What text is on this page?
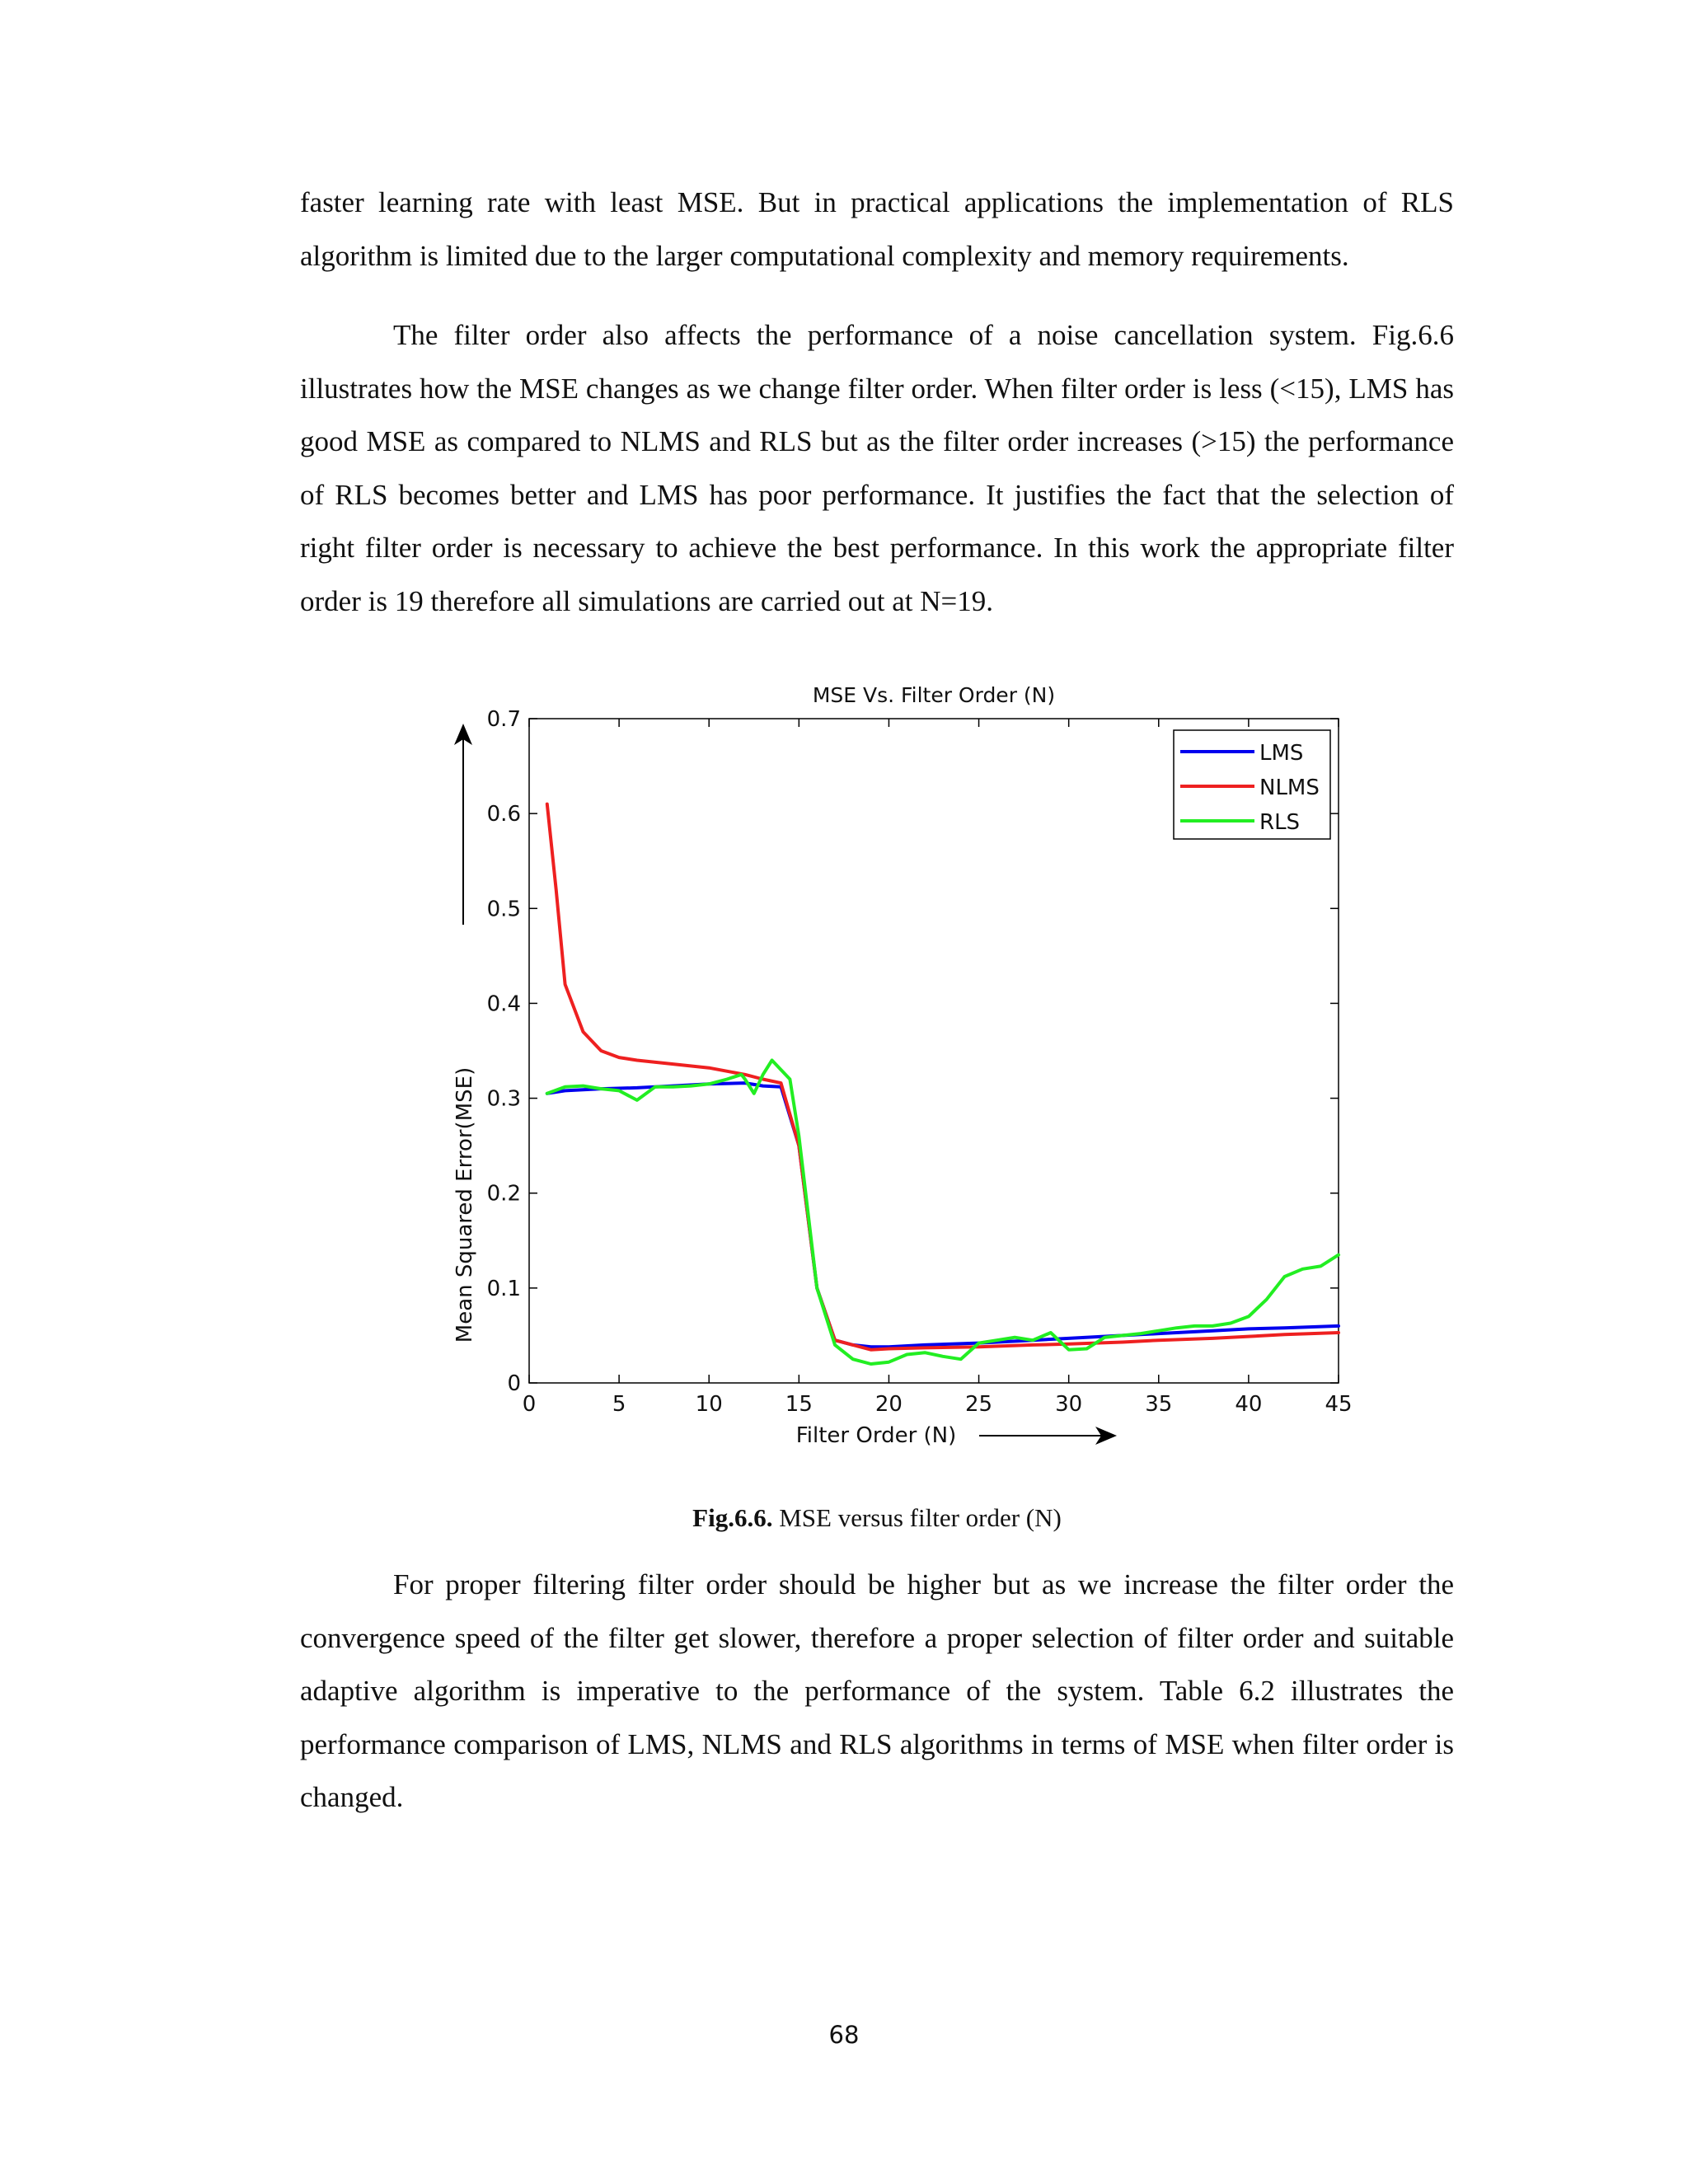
faster learning rate with least MSE. But in practical applications the implementation of RLS algorithm is limited due to the larger computational complexity and memory requirements.

The filter order also affects the performance of a noise cancellation system. Fig.6.6 illustrates how the MSE changes as we change filter order. When filter order is less (<15), LMS has good MSE as compared to NLMS and RLS but as the filter order increases (>15) the performance of RLS becomes better and LMS has poor performance. It justifies the fact that the selection of right filter order is necessary to achieve the best performance. In this work the appropriate filter order is 19 therefore all simulations are carried out at N=19.

MSE Vs. Filter Order (N)
0	5	10	15	20	25	30	35	40	45
0
0.1
0.2
0.3
0.4
0.5
0.6
0.7
Filter Order (N)
Mean Squared Error(MSE)
LMS
NLMS
RLS
Fig.6.6. MSE versus filter order (N)

For proper filtering filter order should be higher but as we increase the filter order the convergence speed of the filter get slower, therefore a proper selection of filter order and suitable adaptive algorithm is imperative to the performance of the system. Table 6.2 illustrates the performance comparison of LMS, NLMS and RLS algorithms in terms of MSE when filter order is changed.

68
